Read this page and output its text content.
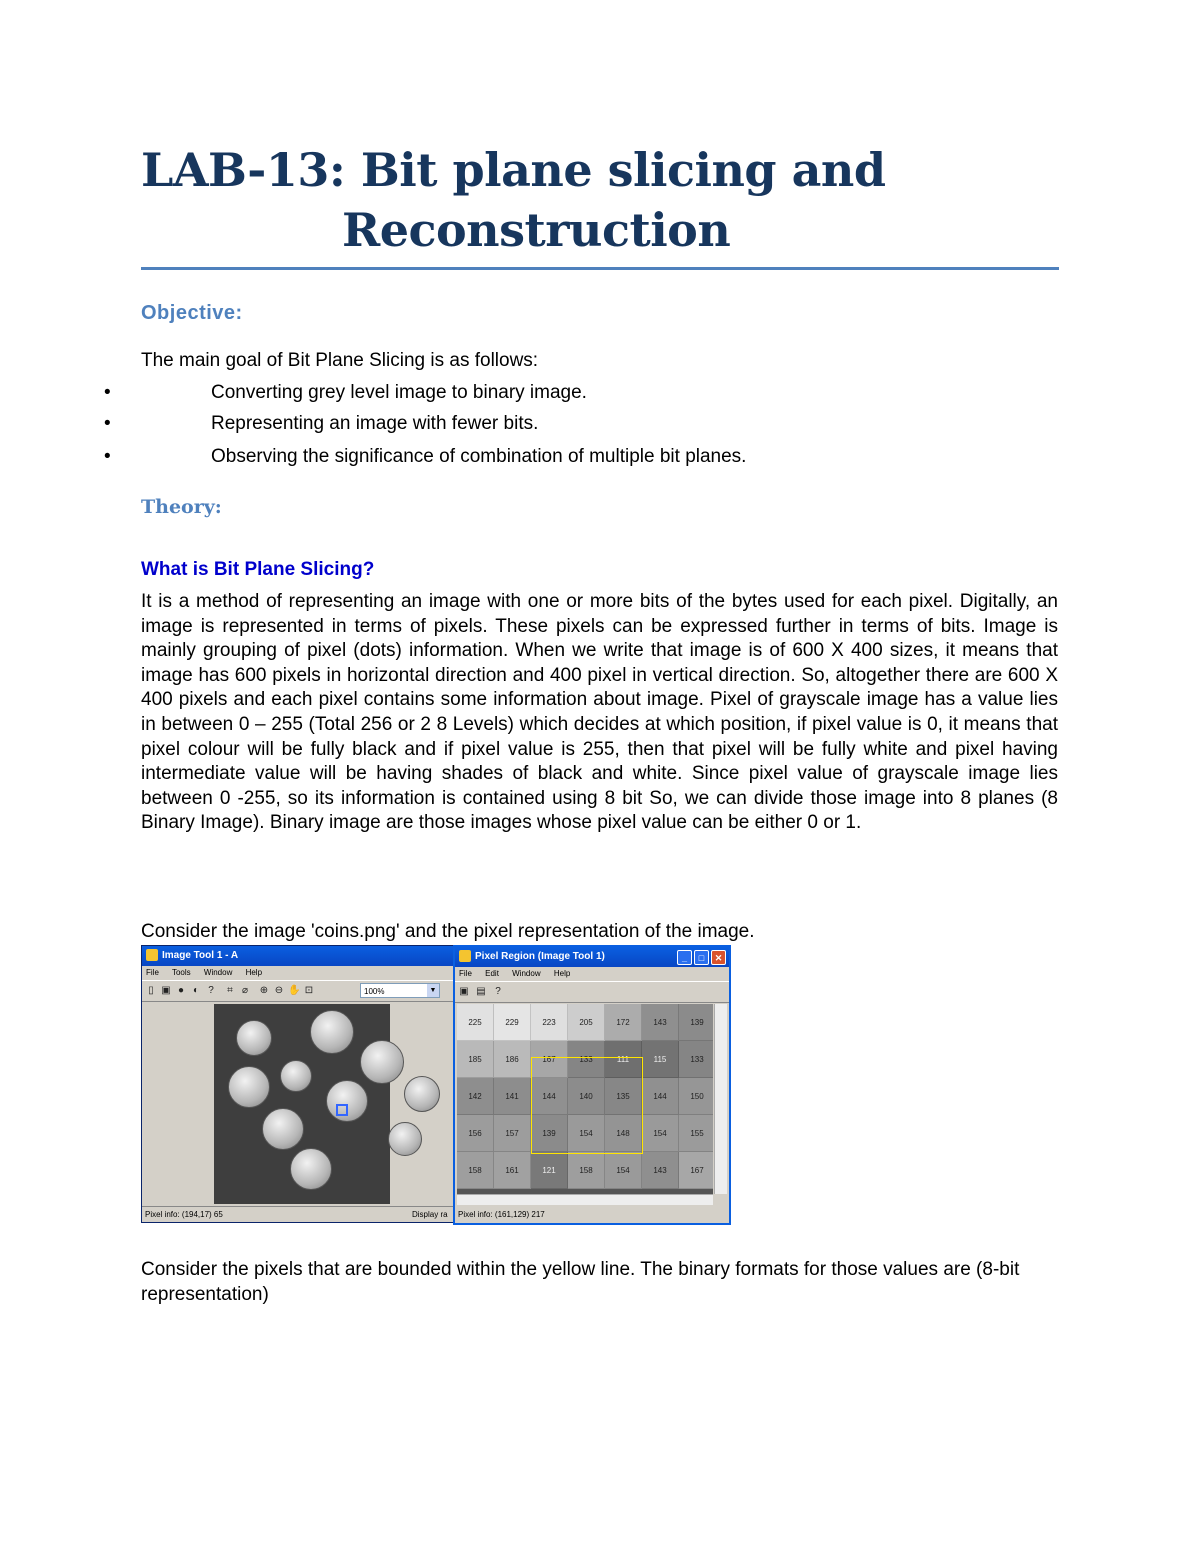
LAB-13: Bit plane slicing and
Reconstruction
Objective:
The main goal of Bit Plane Slicing is as follows:
•	Converting grey level image to binary image.
•	Representing an image with fewer bits.
•	Observing the significance of combination of multiple bit planes.
Theory:
What is Bit Plane Slicing?

It is a method of representing an image with one or more bits of the bytes used for each pixel. Digitally, an image is represented in terms of pixels. These pixels can be expressed further in terms of bits. Image is mainly grouping of pixel (dots) information. When we write that image is of 600 X 400 sizes, it means that image has 600 pixels in horizontal direction and 400 pixel in vertical direction. So, altogether there are 600 X 400 pixels and each pixel contains some information about image. Pixel of grayscale image has a value lies in between 0 – 255 (Total 256 or 2 8 Levels) which decides at which position, if pixel value is 0, it means that pixel colour will be fully black and if pixel value is 255, then that pixel will be fully white and pixel having intermediate value will be having shades of black and white. Since pixel value of grayscale image lies between 0 -255, so its information is contained using 8 bit So, we can divide those image into 8 planes (8 Binary Image). Binary image are those images whose pixel value can be either 0 or 1.

Consider the image 'coins.png' and the pixel representation of the image.
Image Tool 1 - A
File Tools Window Help
▯ ▣ ● ◐ ?	⌗ ⌀ ⊕ ⊖ ✋ ⊡	100%	▼
Pixel info: (194,17) 65	Display ra
Pixel Region (Image Tool 1)	_ □ ✕
File Edit Window Help
▣ ▤ ?
225	229	223	205	172	143	139
185	186	167	133	111	115	133
142	141	144	140	135	144	150
156	157	139	154	148	154	155
158	161	121	158	154	143	167
Pixel info: (161,129) 217

Consider the pixels that are bounded within the yellow line. The binary formats for those values are (8-bit representation)
